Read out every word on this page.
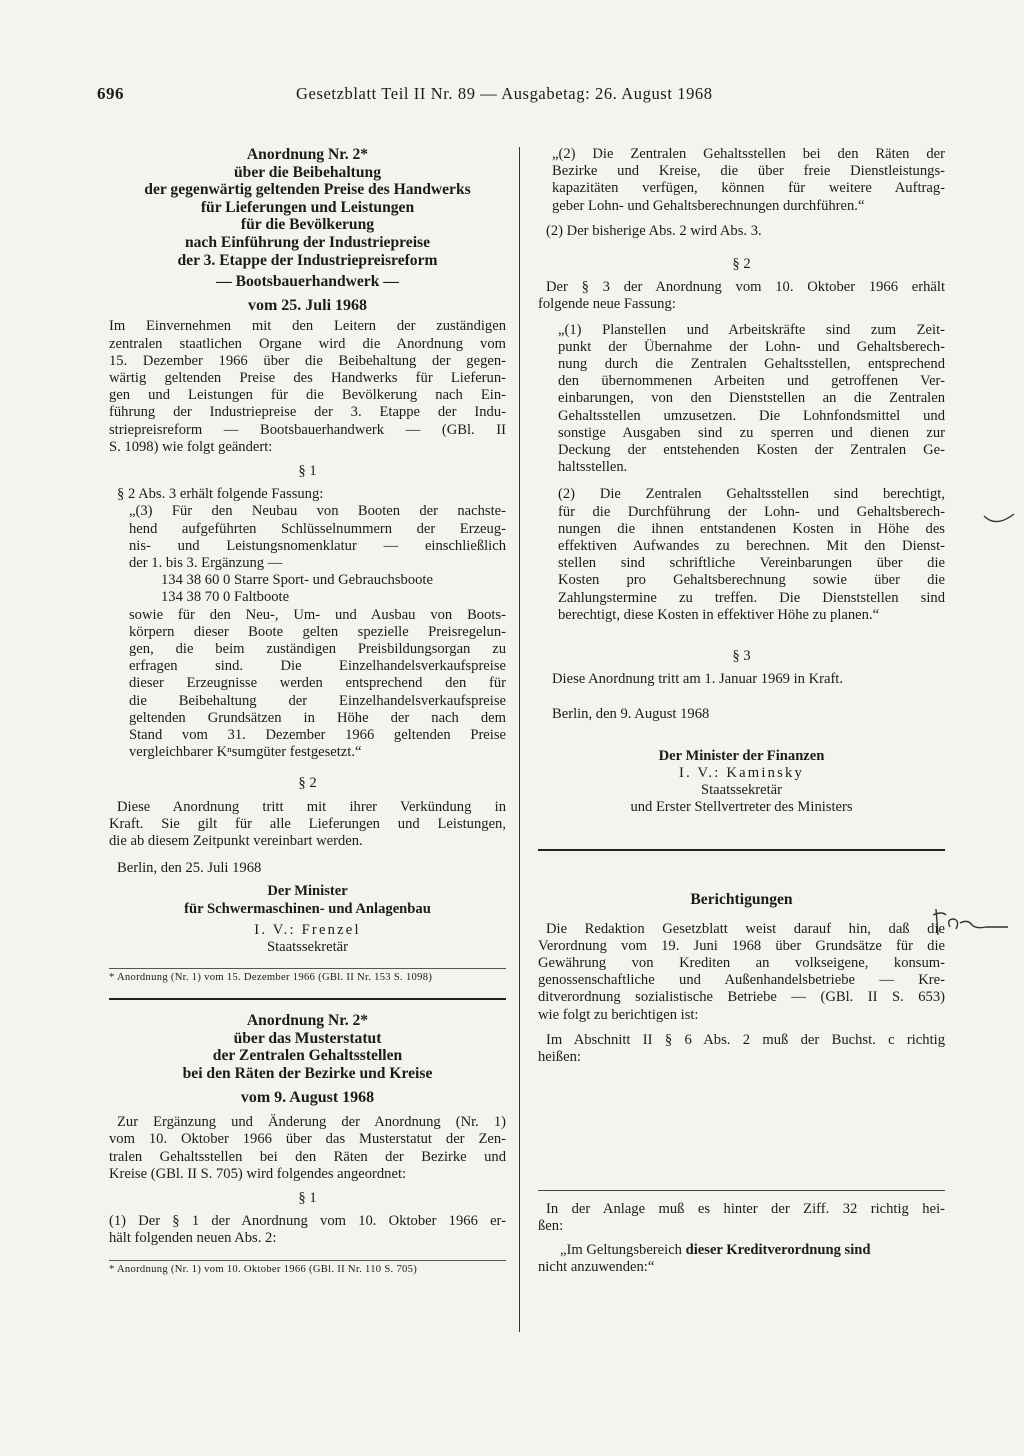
696	Gesetzblatt Teil II Nr. 89 — Ausgabetag: 26. August 1968
Anordnung Nr. 2*
über die Beibehaltung
der gegenwärtig geltenden Preise des Handwerks
für Lieferungen und Leistungen
für die Bevölkerung
nach Einführung der Industriepreise
der 3. Etappe der Industriepreisreform
— Bootsbauerhandwerk —
vom 25. Juli 1968

Im Einvernehmen mit den Leitern der zuständigen

zentralen staatlichen Organe wird die Anordnung vom

15. Dezember 1966 über die Beibehaltung der gegen-

wärtig geltenden Preise des Handwerks für Lieferun-

gen und Leistungen für die Bevölkerung nach Ein-

führung der Industriepreise der 3. Etappe der Indu-

striepreisreform — Bootsbauerhandwerk — (GBl. II

S. 1098) wie folgt geändert:

§ 1

§ 2 Abs. 3 erhält folgende Fassung:

„(3) Für den Neubau von Booten der nachste-

hend aufgeführten Schlüsselnummern der Erzeug-

nis- und Leistungsnomenklatur — einschließlich

der 1. bis 3. Ergänzung —

134 38 60 0 Starre Sport- und Gebrauchsboote

134 38 70 0 Faltboote

sowie für den Neu-, Um- und Ausbau von Boots-

körpern dieser Boote gelten spezielle Preisregelun-

gen, die beim zuständigen Preisbildungsorgan zu

erfragen sind. Die Einzelhandelsverkaufspreise

dieser Erzeugnisse werden entsprechend den für

die Beibehaltung der Einzelhandelsverkaufspreise

geltenden Grundsätzen in Höhe der nach dem

Stand vom 31. Dezember 1966 geltenden Preise

vergleichbarer Kⁿsumgüter festgesetzt.“

§ 2

Diese Anordnung tritt mit ihrer Verkündung in

Kraft. Sie gilt für alle Lieferungen und Leistungen,

die ab diesem Zeitpunkt vereinbart werden.

Berlin, den 25. Juli 1968

Der Minister
für Schwermaschinen- und Anlagenbau
I. V.: Frenzel
Staatssekretär
* Anordnung (Nr. 1) vom 15. Dezember 1966 (GBl. II Nr. 153 S. 1098)
Anordnung Nr. 2*
über das Musterstatut
der Zentralen Gehaltsstellen
bei den Räten der Bezirke und Kreise
vom 9. August 1968

Zur Ergänzung und Änderung der Anordnung (Nr. 1)

vom 10. Oktober 1966 über das Musterstatut der Zen-

tralen Gehaltsstellen bei den Räten der Bezirke und

Kreise (GBl. II S. 705) wird folgendes angeordnet:

§ 1

(1) Der § 1 der Anordnung vom 10. Oktober 1966 er-

hält folgenden neuen Abs. 2:

* Anordnung (Nr. 1) vom 10. Oktober 1966 (GBl. II Nr. 110 S. 705)

„(2) Die Zentralen Gehaltsstellen bei den Räten der

Bezirke und Kreise, die über freie Dienstleistungs-

kapazitäten verfügen, können für weitere Auftrag-

geber Lohn- und Gehaltsberechnungen durchführen.“

(2) Der bisherige Abs. 2 wird Abs. 3.

§ 2

Der § 3 der Anordnung vom 10. Oktober 1966 erhält

folgende neue Fassung:

„(1) Planstellen und Arbeitskräfte sind zum Zeit-

punkt der Übernahme der Lohn- und Gehaltsberech-

nung durch die Zentralen Gehaltsstellen, entsprechend

den übernommenen Arbeiten und getroffenen Ver-

einbarungen, von den Dienststellen an die Zentralen

Gehaltsstellen umzusetzen. Die Lohnfondsmittel und

sonstige Ausgaben sind zu sperren und dienen zur

Deckung der entstehenden Kosten der Zentralen Ge-

haltsstellen.

(2) Die Zentralen Gehaltsstellen sind berechtigt,

für die Durchführung der Lohn- und Gehaltsberech-

nungen die ihnen entstandenen Kosten in Höhe des

effektiven Aufwandes zu berechnen. Mit den Dienst-

stellen sind schriftliche Vereinbarungen über die

Kosten pro Gehaltsberechnung sowie über die

Zahlungstermine zu treffen. Die Dienststellen sind

berechtigt, diese Kosten in effektiver Höhe zu planen.“

§ 3

Diese Anordnung tritt am 1. Januar 1969 in Kraft.

Berlin, den 9. August 1968

Der Minister der Finanzen
I. V.: Kaminsky
Staatssekretär
und Erster Stellvertreter des Ministers
Berichtigungen

Die Redaktion Gesetzblatt weist darauf hin, daß die

Verordnung vom 19. Juni 1968 über Grundsätze für die

Gewährung von Krediten an volkseigene, konsum-

genossenschaftliche und Außenhandelsbetriebe — Kre-

ditverordnung sozialistische Betriebe — (GBl. II S. 653)

wie folgt zu berichtigen ist:

Im Abschnitt II § 6 Abs. 2 muß der Buchst. c richtig

heißen:

In der Anlage muß es hinter der Ziff. 32 richtig hei-

ßen:

„Im Geltungsbereich dieser Kreditverordnung sind

nicht anzuwenden:“
